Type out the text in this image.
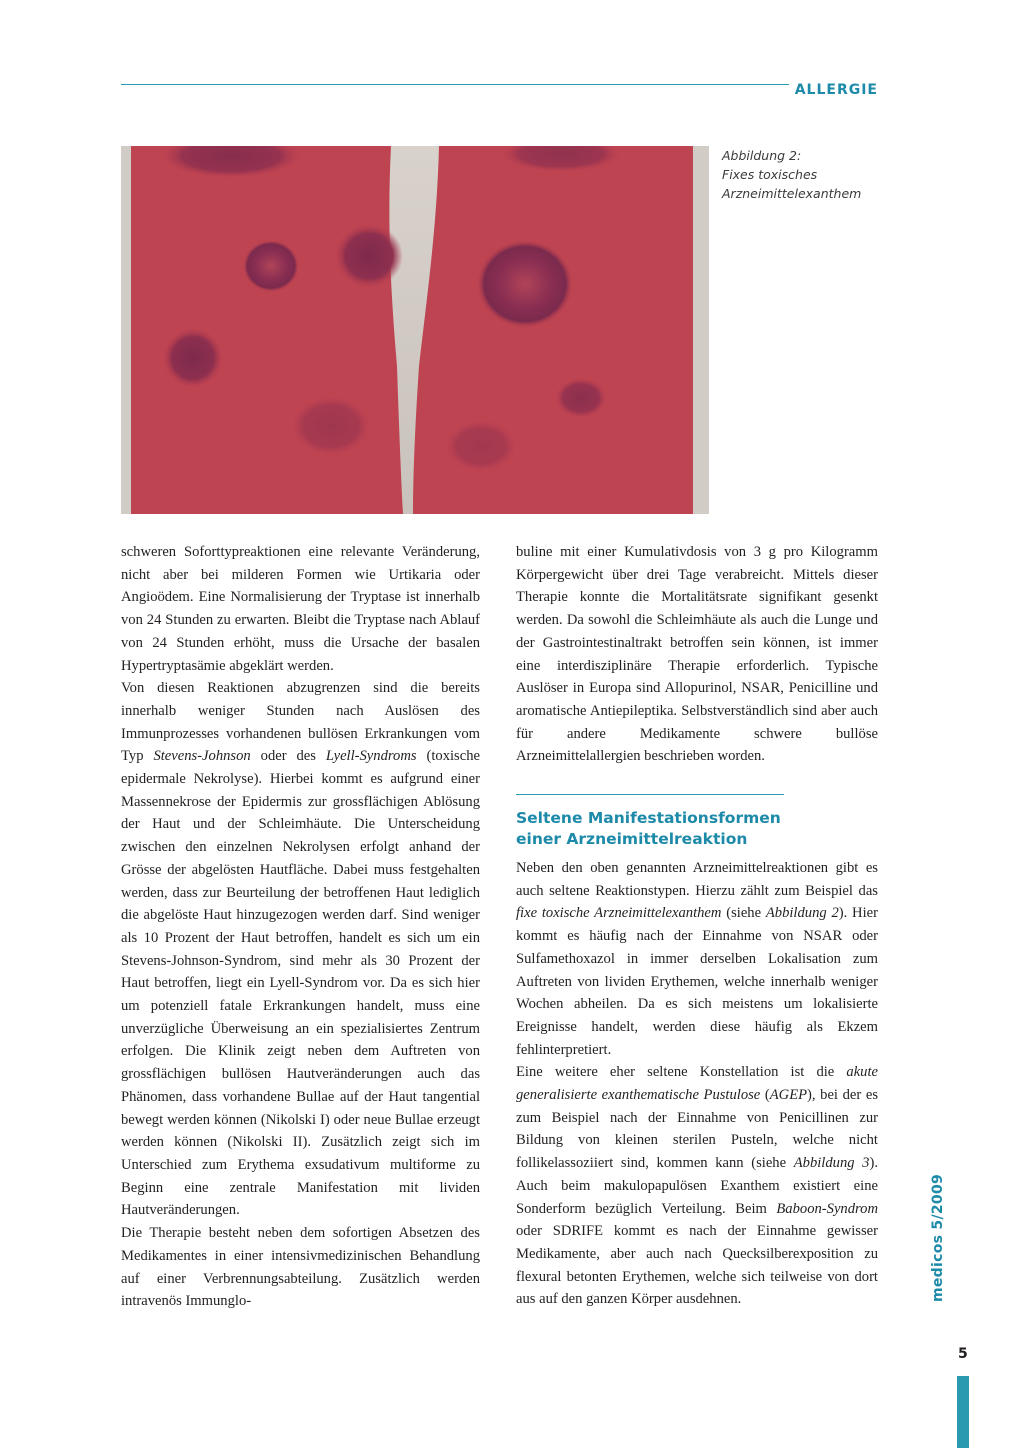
ALLERGIE
Abbildung 2:
Fixes toxisches
Arzneimittelexanthem

schweren Soforttypreaktionen eine relevante Veränderung, nicht aber bei milderen Formen wie Urtikaria oder Angioödem. Eine Normalisierung der Tryptase ist innerhalb von 24 Stunden zu erwarten. Bleibt die Tryptase nach Ablauf von 24 Stunden erhöht, muss die Ursache der basalen Hypertryptasämie abgeklärt werden.

Von diesen Reaktionen abzugrenzen sind die bereits innerhalb weniger Stunden nach Auslösen des Immunprozesses vorhandenen bullösen Erkrankungen vom Typ Stevens-Johnson oder des Lyell-Syndroms (toxische epidermale Nekrolyse). Hierbei kommt es aufgrund einer Massennekrose der Epidermis zur grossflächigen Ablösung der Haut und der Schleimhäute. Die Unterscheidung zwischen den einzelnen Nekrolysen erfolgt anhand der Grösse der abgelösten Hautfläche. Dabei muss festgehalten werden, dass zur Beurteilung der betroffenen Haut lediglich die abgelöste Haut hinzugezogen werden darf. Sind weniger als 10 Prozent der Haut betroffen, handelt es sich um ein Stevens-Johnson-Syndrom, sind mehr als 30 Prozent der Haut betroffen, liegt ein Lyell-Syndrom vor. Da es sich hier um potenziell fatale Erkrankungen handelt, muss eine unverzügliche Überweisung an ein spezialisiertes Zentrum erfolgen. Die Klinik zeigt neben dem Auftreten von grossflächigen bullösen Hautveränderungen auch das Phänomen, dass vorhandene Bullae auf der Haut tangential bewegt werden können (Nikolski I) oder neue Bullae erzeugt werden können (Nikolski II). Zusätzlich zeigt sich im Unterschied zum Erythema exsudativum multiforme zu Beginn eine zentrale Manifestation mit lividen Hautveränderungen.

Die Therapie besteht neben dem sofortigen Absetzen des Medikamentes in einer intensivmedizinischen Behandlung auf einer Verbrennungsabteilung. Zusätzlich werden intravenös Immunglo-

buline mit einer Kumulativdosis von 3 g pro Kilogramm Körpergewicht über drei Tage verabreicht. Mittels dieser Therapie konnte die Mortalitätsrate signifikant gesenkt werden. Da sowohl die Schleimhäute als auch die Lunge und der Gastrointestinaltrakt betroffen sein können, ist immer eine interdisziplinäre Therapie erforderlich. Typische Auslöser in Europa sind Allopurinol, NSAR, Penicilline und aromatische Antiepileptika. Selbstverständlich sind aber auch für andere Medikamente schwere bullöse Arzneimittelallergien beschrieben worden.

Seltene Manifestationsformen
einer Arzneimittelreaktion

Neben den oben genannten Arzneimittelreaktionen gibt es auch seltene Reaktionstypen. Hierzu zählt zum Beispiel das fixe toxische Arzneimittelexanthem (siehe Abbildung 2). Hier kommt es häufig nach der Einnahme von NSAR oder Sulfamethoxazol in immer derselben Lokalisation zum Auftreten von lividen Erythemen, welche innerhalb weniger Wochen abheilen. Da es sich meistens um lokalisierte Ereignisse handelt, werden diese häufig als Ekzem fehlinterpretiert.

Eine weitere eher seltene Konstellation ist die akute generalisierte exanthematische Pustulose (AGEP), bei der es zum Beispiel nach der Einnahme von Penicillinen zur Bildung von kleinen sterilen Pusteln, welche nicht follikelassoziiert sind, kommen kann (siehe Abbildung 3). Auch beim makulopapulösen Exanthem existiert eine Sonderform bezüglich Verteilung. Beim Baboon-Syndrom oder SDRIFE kommt es nach der Einnahme gewisser Medikamente, aber auch nach Quecksilberexposition zu flexural betonten Erythemen, welche sich teilweise von dort aus auf den ganzen Körper ausdehnen.	medicos 5/2009
5
